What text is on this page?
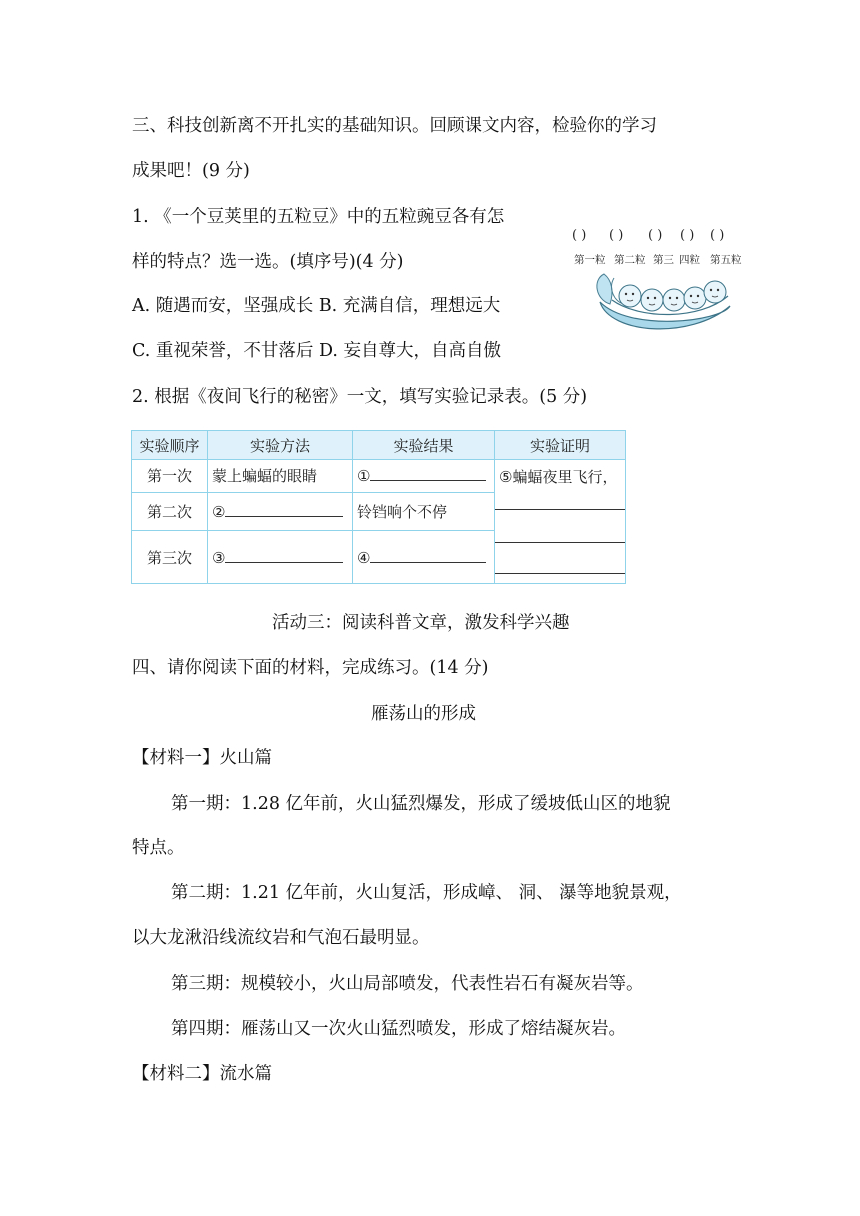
三、科技创新离不开扎实的基础知识。回顾课文内容，检验你的学习
成果吧！(9 分)
1. 《一个豆荚里的五粒豆》中的五粒豌豆各有怎
样的特点？选一选。(填序号)(4 分)
A. 随遇而安，坚强成长 B. 充满自信，理想远大
C. 重视荣誉，不甘落后 D. 妄自尊大，自高自傲
( ) ( ) ( ) ( ) ( )
第一粒 第二粒 第三 四粒 第五粒
2. 根据《夜间飞行的秘密》一文，填写实验记录表。(5 分)
实验顺序	实验方法	实验结果	实验证明
第一次	蒙上蝙蝠的眼睛	①	⑤蝙蝠夜里飞行，

第二次	②	铃铛响个不停	
第三次	③	④	
活动三：阅读科普文章，激发科学兴趣
四、请你阅读下面的材料，完成练习。(14 分)
雁荡山的形成
【材料一】火山篇
第一期：1.28 亿年前，火山猛烈爆发，形成了缓坡低山区的地貌
特点。
第二期：1.21 亿年前，火山复活，形成嶂、 洞、 瀑等地貌景观，
以大龙湫沿线流纹岩和气泡石最明显。
第三期：规模较小，火山局部喷发，代表性岩石有凝灰岩等。
第四期：雁荡山又一次火山猛烈喷发，形成了熔结凝灰岩。
【材料二】流水篇
